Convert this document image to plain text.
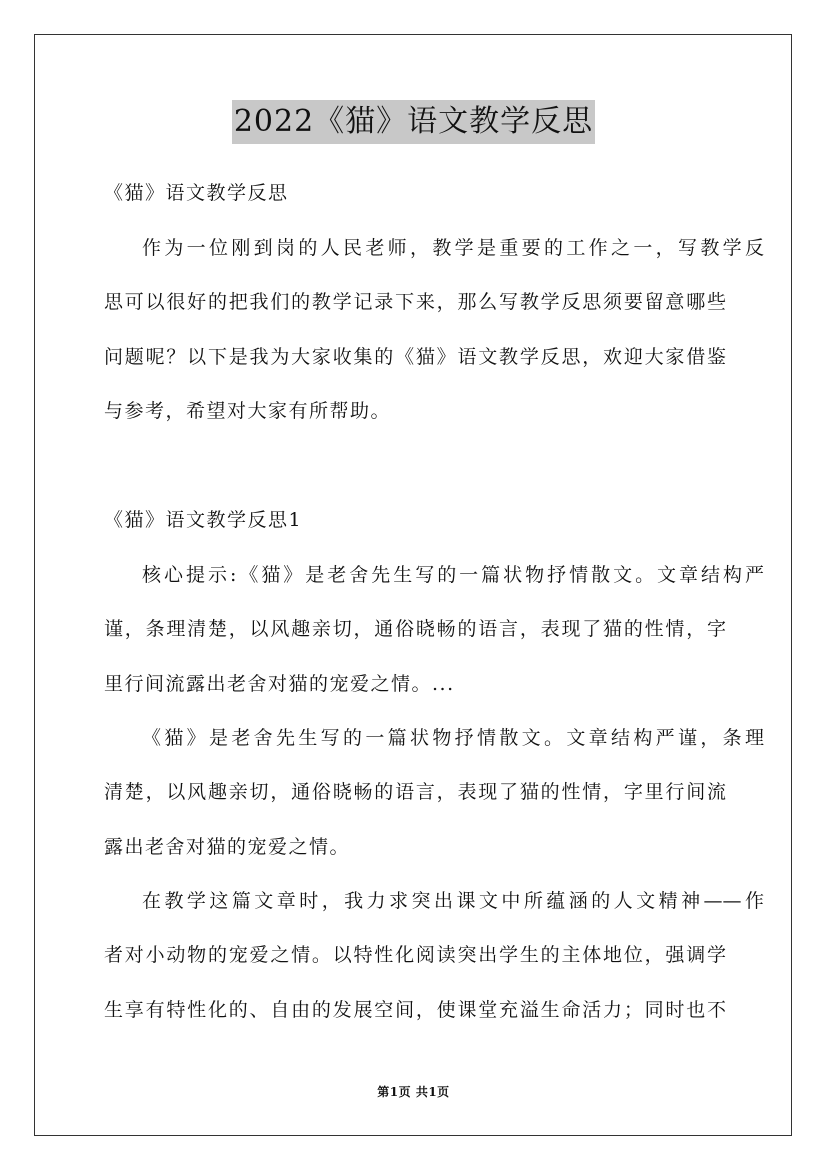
2022《猫》语文教学反思
《猫》语文教学反思
作为一位刚到岗的人民老师，教学是重要的工作之一，写教学反
思可以很好的把我们的教学记录下来，那么写教学反思须要留意哪些
问题呢？以下是我为大家收集的《猫》语文教学反思，欢迎大家借鉴
与参考，希望对大家有所帮助。
《猫》语文教学反思1
核心提示:《猫》是老舍先生写的一篇状物抒情散文。文章结构严
谨，条理清楚，以风趣亲切，通俗晓畅的语言，表现了猫的性情，字
里行间流露出老舍对猫的宠爱之情。...
《猫》是老舍先生写的一篇状物抒情散文。文章结构严谨，条理
清楚，以风趣亲切，通俗晓畅的语言，表现了猫的性情，字里行间流
露出老舍对猫的宠爱之情。
在教学这篇文章时，我力求突出课文中所蕴涵的人文精神——作
者对小动物的宠爱之情。以特性化阅读突出学生的主体地位，强调学
生享有特性化的、自由的发展空间，使课堂充溢生命活力；同时也不
第1页 共1页
